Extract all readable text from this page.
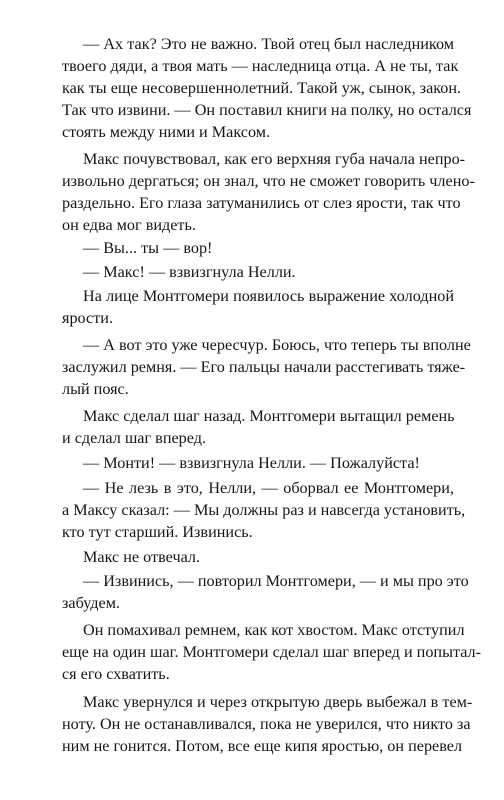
— Ах так? Это не важно. Твой отец был наследником
твоего дяди, а твоя мать — наследница отца. А не ты, так
как ты еще несовершеннолетний. Такой уж, сынок, закон.
Так что извини. — Он поставил книги на полку, но остался
стоять между ними и Максом.
Макс почувствовал, как его верхняя губа начала непро-
извольно дергаться; он знал, что не сможет говорить члено-
раздельно. Его глаза затуманились от слез ярости, так что
он едва мог видеть.
— Вы... ты — вор!
— Макс! — взвизгнула Нелли.
На лице Монтгомери появилось выражение холодной
ярости.
— А вот это уже чересчур. Боюсь, что теперь ты вполне
заслужил ремня. — Его пальцы начали расстегивать тяже-
лый пояс.
Макс сделал шаг назад. Монтгомери вытащил ремень
и сделал шаг вперед.
— Монти! — взвизгнула Нелли. — Пожалуйста!
— Не лезь в это, Нелли, — оборвал ее Монтгомери,
а Максу сказал: — Мы должны раз и навсегда установить,
кто тут старший. Извинись.
Макс не отвечал.
— Извинись, — повторил Монтгомери, — и мы про это
забудем.
Он помахивал ремнем, как кот хвостом. Макс отступил
еще на один шаг. Монтгомери сделал шаг вперед и попытал-
ся его схватить.
Макс увернулся и через открытую дверь выбежал в тем-
ноту. Он не останавливался, пока не уверился, что никто за
ним не гонится. Потом, все еще кипя яростью, он перевел
